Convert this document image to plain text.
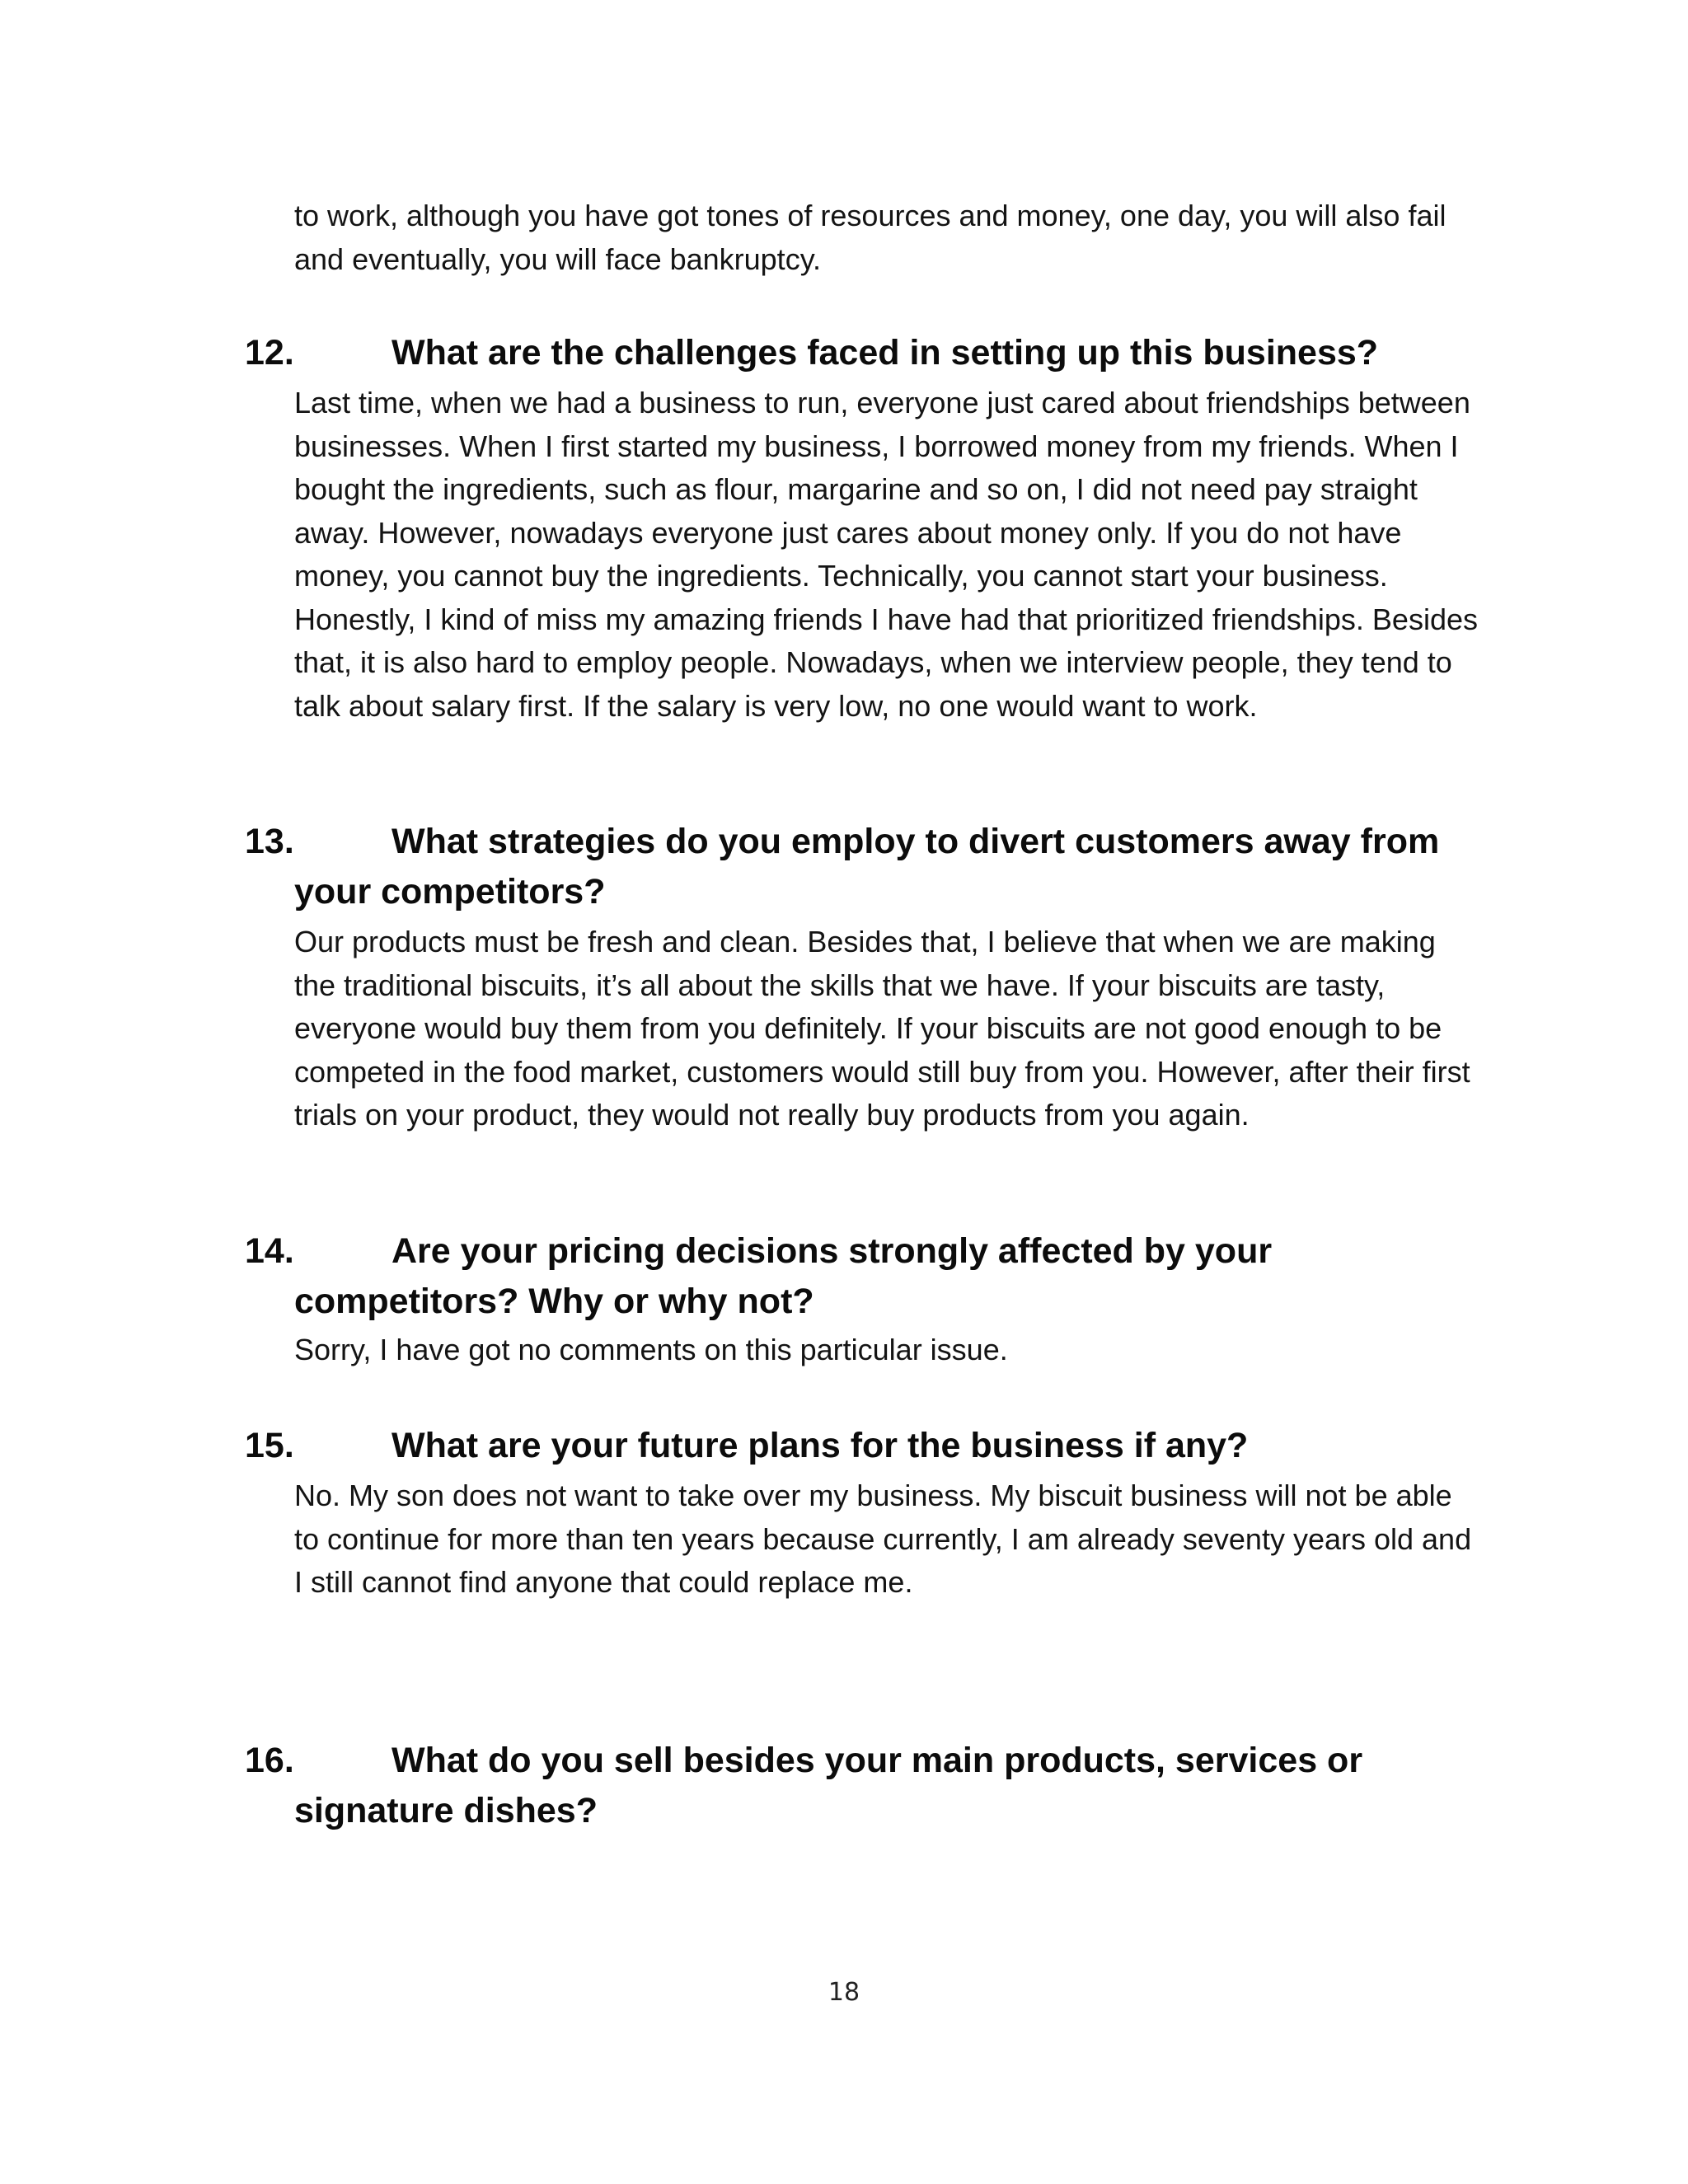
to work, although you have got tones of resources and money, one day, you will also fail and eventually, you will face bankruptcy.
12.	What are the challenges faced in setting up this business?
Last time, when we had a business to run, everyone just cared about friendships between businesses. When I first started my business, I borrowed money from my friends. When I bought the ingredients, such as flour, margarine and so on, I did not need pay straight away. However, nowadays everyone just cares about money only. If you do not have money, you cannot buy the ingredients. Technically, you cannot start your business. Honestly, I kind of miss my amazing friends I have had that prioritized friendships. Besides that, it is also hard to employ people. Nowadays, when we interview people, they tend to talk about salary first. If the salary is very low, no one would want to work.
13.	What strategies do you employ to divert customers away from your competitors?
Our products must be fresh and clean. Besides that, I believe that when we are making the traditional biscuits, it’s all about the skills that we have. If your biscuits are tasty, everyone would buy them from you definitely. If your biscuits are not good enough to be competed in the food market, customers would still buy from you. However, after their first trials on your product, they would not really buy products from you again.
14.	Are your pricing decisions strongly affected by your competitors? Why or why not?
Sorry, I have got no comments on this particular issue.
15.	What are your future plans for the business if any?
No. My son does not want to take over my business. My biscuit business will not be able to continue for more than ten years because currently, I am already seventy years old and I still cannot find anyone that could replace me.
16.	What do you sell besides your main products, services or signature dishes?
18
